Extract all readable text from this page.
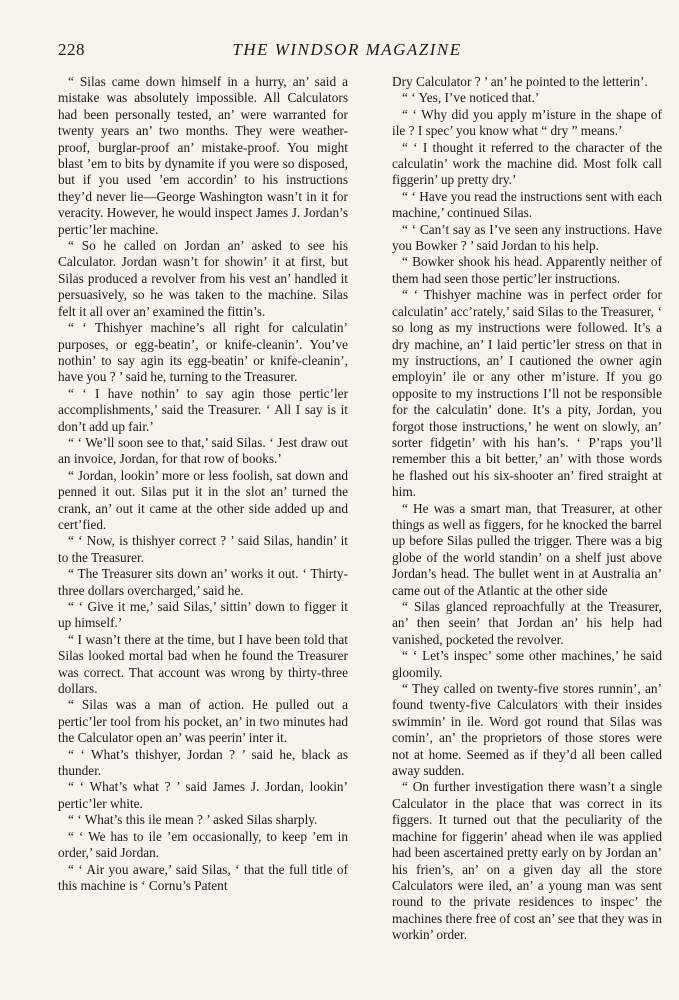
228	THE WINDSOR MAGAZINE

“ Silas came down himself in a hurry, an’ said a mistake was absolutely impossible. All Calculators had been personally tested, an’ were warranted for twenty years an’ two months. They were weather-proof, burglar-proof an’ mistake-proof. You might blast ’em to bits by dynamite if you were so disposed, but if you used ’em accordin’ to his instructions they’d never lie—George Washington wasn’t in it for veracity. However, he would inspect James J. Jordan’s pertic’ler machine.

“ So he called on Jordan an’ asked to see his Calculator. Jordan wasn’t for showin’ it at first, but Silas produced a revolver from his vest an’ handled it persuasively, so he was taken to the machine. Silas felt it all over an’ examined the fittin’s.

“ ‘ Thishyer machine’s all right for calculatin’ purposes, or egg-beatin’, or knife-cleanin’. You’ve nothin’ to say agin its egg-beatin’ or knife-cleanin’, have you ? ’ said he, turning to the Treasurer.

“ ‘ I have nothin’ to say agin those pertic’ler accomplishments,’ said the Treasurer. ‘ All I say is it don’t add up fair.’

“ ‘ We’ll soon see to that,’ said Silas. ‘ Jest draw out an invoice, Jordan, for that row of books.’

“ Jordan, lookin’ more or less foolish, sat down and penned it out. Silas put it in the slot an’ turned the crank, an’ out it came at the other side added up and cert’fied.

“ ‘ Now, is thishyer correct ? ’ said Silas, handin’ it to the Treasurer.

“ The Treasurer sits down an’ works it out. ‘ Thirty-three dollars overcharged,’ said he.

“ ‘ Give it me,’ said Silas,’ sittin’ down to figger it up himself.’

“ I wasn’t there at the time, but I have been told that Silas looked mortal bad when he found the Treasurer was correct. That account was wrong by thirty-three dollars.

“ Silas was a man of action. He pulled out a pertic’ler tool from his pocket, an’ in two minutes had the Calculator open an’ was peerin’ inter it.

“ ‘ What’s thishyer, Jordan ? ’ said he, black as thunder.

“ ‘ What’s what ? ’ said James J. Jordan, lookin’ pertic’ler white.

“ ‘ What’s this ile mean ? ’ asked Silas sharply.

“ ‘ We has to ile ’em occasionally, to keep ’em in order,’ said Jordan.

“ ‘ Air you aware,’ said Silas, ‘ that the full title of this machine is ‘ Cornu’s Patent

Dry Calculator ? ’ an’ he pointed to the letterin’.

“ ‘ Yes, I’ve noticed that.’

“ ‘ Why did you apply m’isture in the shape of ile ? I spec’ you know what “ dry ” means.’

“ ‘ I thought it referred to the character of the calculatin’ work the machine did. Most folk call figgerin’ up pretty dry.’

“ ‘ Have you read the instructions sent with each machine,’ continued Silas.

“ ‘ Can’t say as I’ve seen any instructions. Have you Bowker ? ’ said Jordan to his help.

“ Bowker shook his head. Apparently neither of them had seen those pertic’ler instructions.

“ ‘ Thishyer machine was in perfect order for calculatin’ acc’rately,’ said Silas to the Treasurer, ‘ so long as my instructions were followed. It’s a dry machine, an’ I laid pertic’ler stress on that in my instructions, an’ I cautioned the owner agin employin’ ile or any other m’isture. If you go opposite to my instructions I’ll not be responsible for the calculatin’ done. It’s a pity, Jordan, you forgot those instructions,’ he went on slowly, an’ sorter fidgetin’ with his han’s. ‘ P’raps you’ll remember this a bit better,’ an’ with those words he flashed out his six-shooter an’ fired straight at him.

“ He was a smart man, that Treasurer, at other things as well as figgers, for he knocked the barrel up before Silas pulled the trigger. There was a big globe of the world standin’ on a shelf just above Jordan’s head. The bullet went in at Australia an’ came out of the Atlantic at the other side

“ Silas glanced reproachfully at the Treasurer, an’ then seein’ that Jordan an’ his help had vanished, pocketed the revolver.

“ ‘ Let’s inspec’ some other machines,’ he said gloomily.

“ They called on twenty-five stores runnin’, an’ found twenty-five Calculators with their insides swimmin’ in ile. Word got round that Silas was comin’, an’ the proprietors of those stores were not at home. Seemed as if they’d all been called away sudden.

“ On further investigation there wasn’t a single Calculator in the place that was correct in its figgers. It turned out that the peculiarity of the machine for figgerin’ ahead when ile was applied had been ascertained pretty early on by Jordan an’ his frien’s, an’ on a given day all the store Calculators were iled, an’ a young man was sent round to the private residences to inspec’ the machines there free of cost an’ see that they was in workin’ order.
